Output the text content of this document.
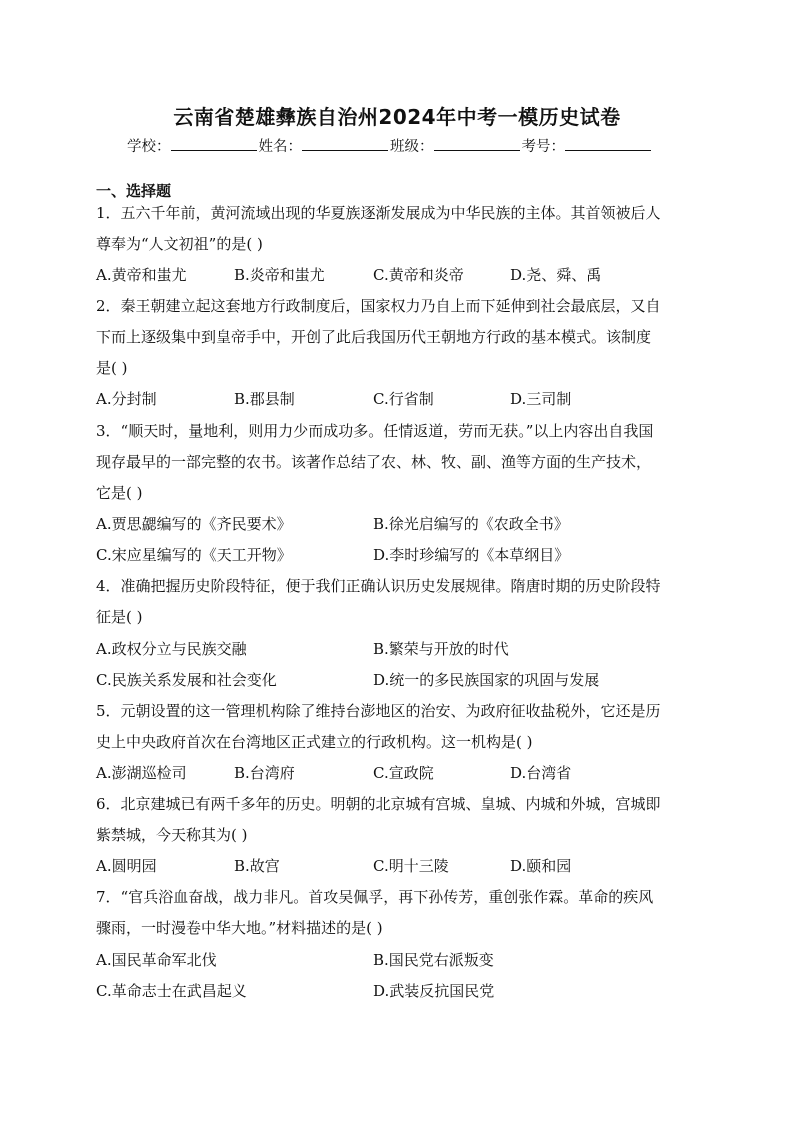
云南省楚雄彝族自治州2024年中考一模历史试卷
学校：	姓名：	班级：	考号：
一、选择题
1．五六千年前，黄河流域出现的华夏族逐渐发展成为中华民族的主体。其首领被后人
尊奉为“人文初祖”的是( )
A.黄帝和蚩尤	B.炎帝和蚩尤	C.黄帝和炎帝	D.尧、舜、禹
2．秦王朝建立起这套地方行政制度后，国家权力乃自上而下延伸到社会最底层，又自
下而上逐级集中到皇帝手中，开创了此后我国历代王朝地方行政的基本模式。该制度
是( )
A.分封制	B.郡县制	C.行省制	D.三司制
3．“顺天时，量地利，则用力少而成功多。任情返道，劳而无获。”以上内容出自我国
现存最早的一部完整的农书。该著作总结了农、林、牧、副、渔等方面的生产技术，
它是( )
A.贾思勰编写的《齐民要术》	B.徐光启编写的《农政全书》
C.宋应星编写的《天工开物》	D.李时珍编写的《本草纲目》
4．准确把握历史阶段特征，便于我们正确认识历史发展规律。隋唐时期的历史阶段特
征是( )
A.政权分立与民族交融	B.繁荣与开放的时代
C.民族关系发展和社会变化	D.统一的多民族国家的巩固与发展
5．元朝设置的这一管理机构除了维持台澎地区的治安、为政府征收盐税外，它还是历
史上中央政府首次在台湾地区正式建立的行政机构。这一机构是( )
A.澎湖巡检司	B.台湾府	C.宣政院	D.台湾省
6．北京建城已有两千多年的历史。明朝的北京城有宫城、皇城、内城和外城，宫城即
紫禁城，今天称其为( )
A.圆明园	B.故宫	C.明十三陵	D.颐和园
7．“官兵浴血奋战，战力非凡。首攻吴佩孚，再下孙传芳，重创张作霖。革命的疾风
骤雨，一时漫卷中华大地。”材料描述的是( )
A.国民革命军北伐	B.国民党右派叛变
C.革命志士在武昌起义	D.武装反抗国民党
